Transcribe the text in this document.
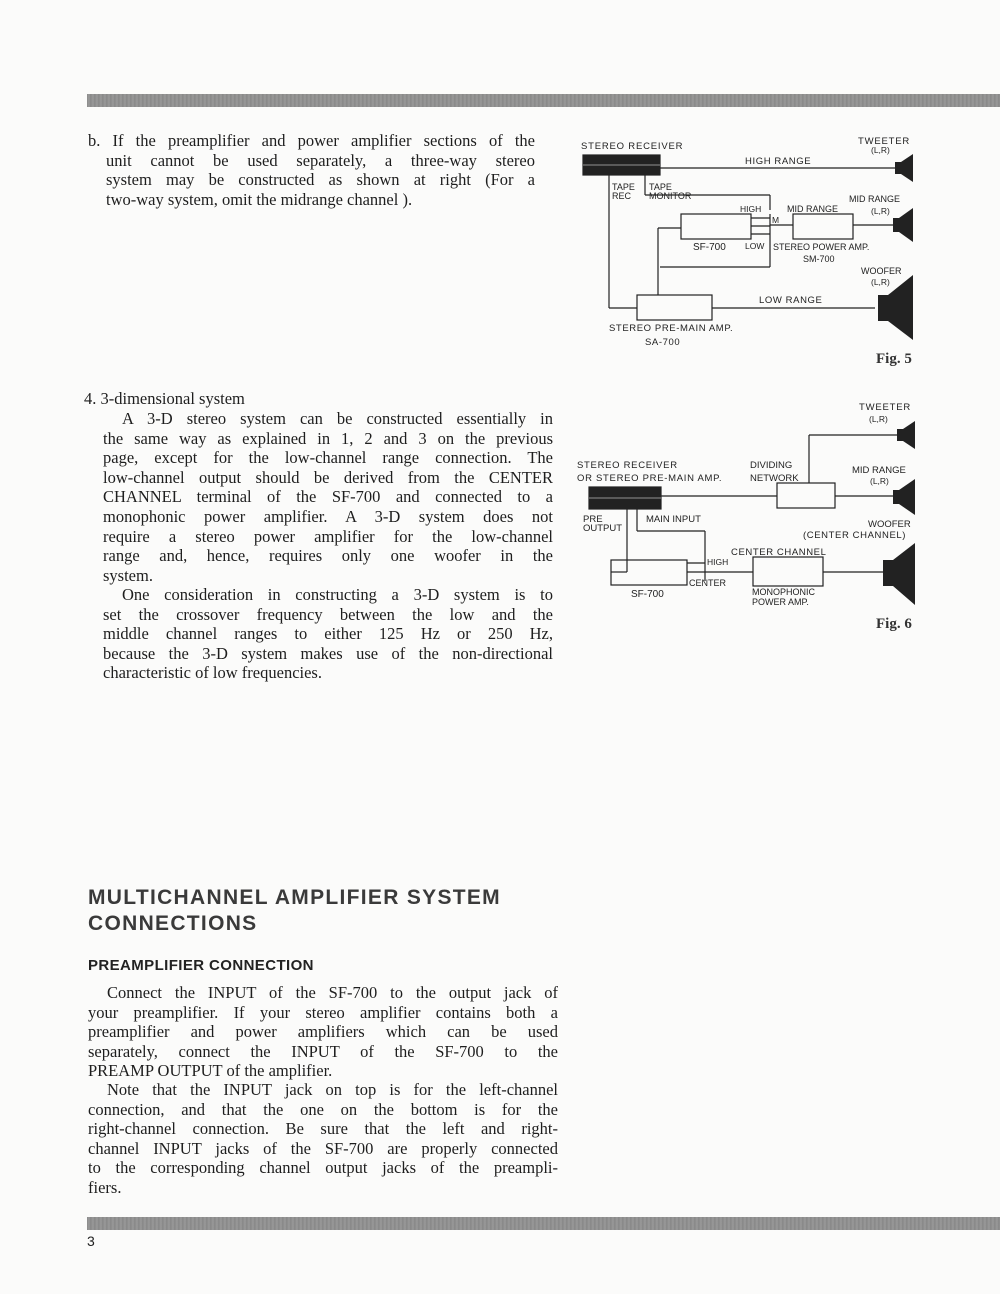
b. If the preamplifier and power amplifier sections of the
unit cannot be used separately, a three-way stereo
system may be constructed as shown at right (For a
two-way system, omit the midrange channel ).
STEREO RECEIVER	TWEETER
(L,R)
HIGH RANGE
TAPE
REC
TAPE
MONITOR	MID RANGE
(L,R)
HIGH	MID RANGE
M
SF-700 LOW STEREO POWER AMP.
SM-700
WOOFER
(L,R)
LOW RANGE
STEREO PRE-MAIN AMP.
SA-700
Fig. 5
4. 3-dimensional system
A 3-D stereo system can be constructed essentially in
the same way as explained in 1, 2 and 3 on the previous
page, except for the low-channel range connection. The
low-channel output should be derived from the CENTER
CHANNEL terminal of the SF-700 and connected to a
monophonic power amplifier. A 3-D system does not
require a stereo power amplifier for the low-channel
range and, hence, requires only one woofer in the
system.
One consideration in constructing a 3-D system is to
set the crossover frequency between the low and the
middle channel ranges to either 125 Hz or 250 Hz,
because the 3-D system makes use of the non-directional
characteristic of low frequencies.
TWEETER
(L,R)
STEREO RECEIVER
OR STEREO PRE-MAIN AMP.
DIVIDING
NETWORK
MID RANGE
(L,R)
PRE
OUTPUT
MAIN INPUT	WOOFER
(CENTER CHANNEL)
CENTER CHANNEL
HIGH
CENTER
SF-700	MONOPHONIC
POWER AMP.
Fig. 6
MULTICHANNEL AMPLIFIER SYSTEM
CONNECTIONS
PREAMPLIFIER CONNECTION
Connect the INPUT of the SF-700 to the output jack of
your preamplifier. If your stereo amplifier contains both a
preamplifier and power amplifiers which can be used
separately, connect the INPUT of the SF-700 to the
PREAMP OUTPUT of the amplifier.
Note that the INPUT jack on top is for the left-channel
connection, and that the one on the bottom is for the
right-channel connection. Be sure that the left and right-
channel INPUT jacks of the SF-700 are properly connected
to the corresponding channel output jacks of the preampli-
fiers.
3
